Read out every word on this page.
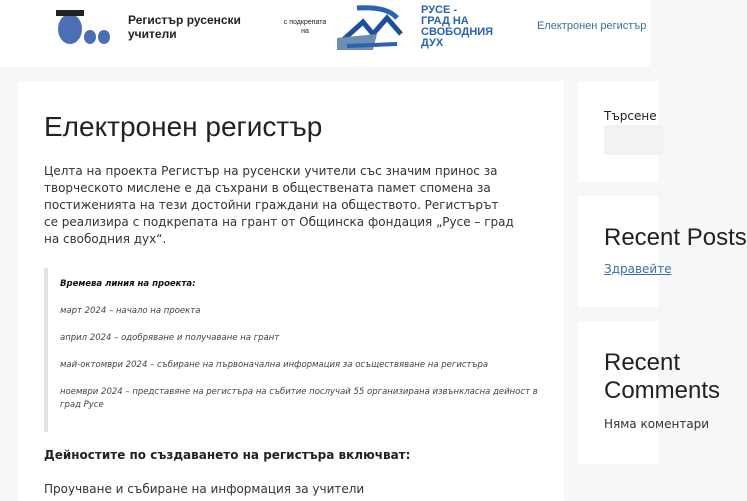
Регистър русенски учители
с подкрепата на
РУСЕ -
ГРАД НА
СВОБОДНИЯ
ДУХ
Електронен регистър
Електронен регистър

Целта на проекта Регистър на русенски учители със значим принос за творческото мислене е да съхрани в обществената памет спомена за постиженията на тези достойни граждани на обществото. Регистърът се реализира с подкрепата на грант от Общинска фондация „Русе – град на свободния дух“.

Времева линия на проекта:

март 2024 – начало на проекта

април 2024 – одобряване и получаване на грант

май-октомври 2024 – събиране на първоначална информация за осъществяване на регистъра

ноември 2024 – представяне на регистъра на събитие послучай 55 организирана извънкласна дейност в град Русе

Дейностите по създаването на регистъра включват:
Проучване и събиране на информация за учители
Търсене
Recent Posts
Здравейте
Recent
Comments
Няма коментари
